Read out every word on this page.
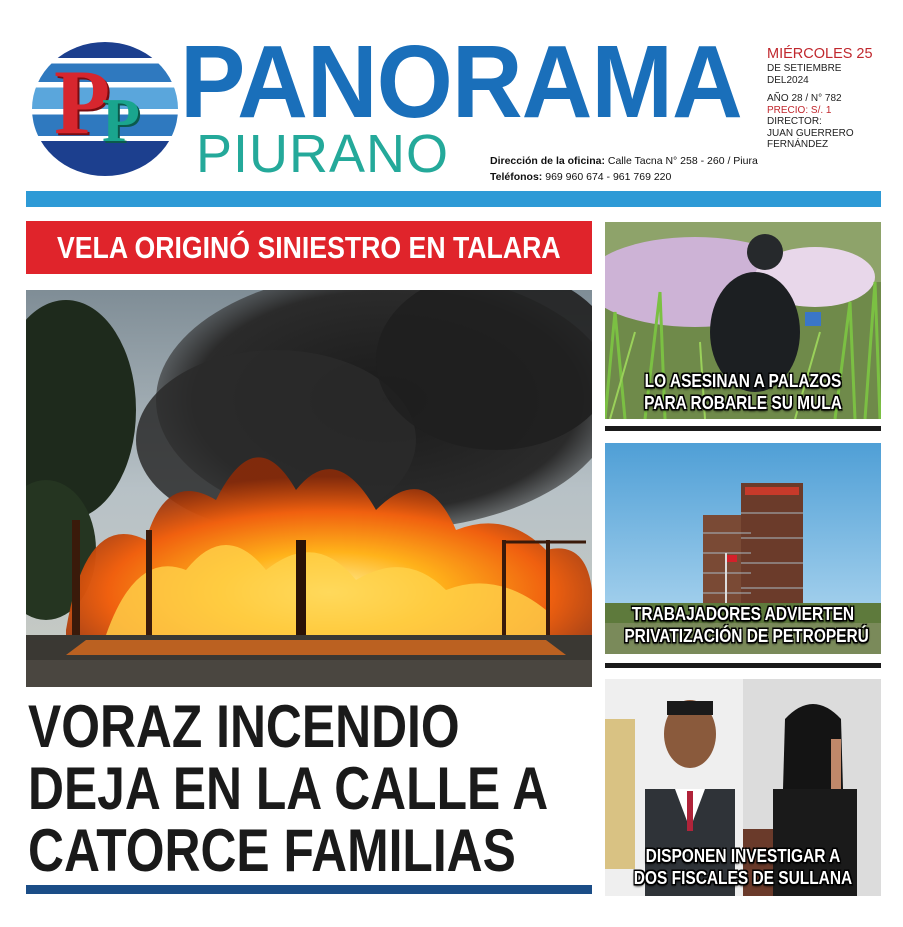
P
P PANORAMA
PIURANO	Dirección de la oficina: Calle Tacna N° 258 - 260 / Piura
Teléfonos: 969 960 674 - 961 769 220
MIÉRCOLES 25
DE SETIEMBRE
DEL2024
AÑO 28 / N° 782
PRECIO: S/. 1
DIRECTOR:
JUAN GUERRERO
FERNÁNDEZ
VELA ORIGINÓ SINIESTRO EN TALARA
VORAZ INCENDIO
DEJA EN LA CALLE A
CATORCE FAMILIAS
LO ASESINAN A PALAZOS
PARA ROBARLE SU MULA
TRABAJADORES ADVIERTEN
PRIVATIZACIÓN DE PETROPERÚ
DISPONEN INVESTIGAR A
DOS FISCALES DE SULLANA
